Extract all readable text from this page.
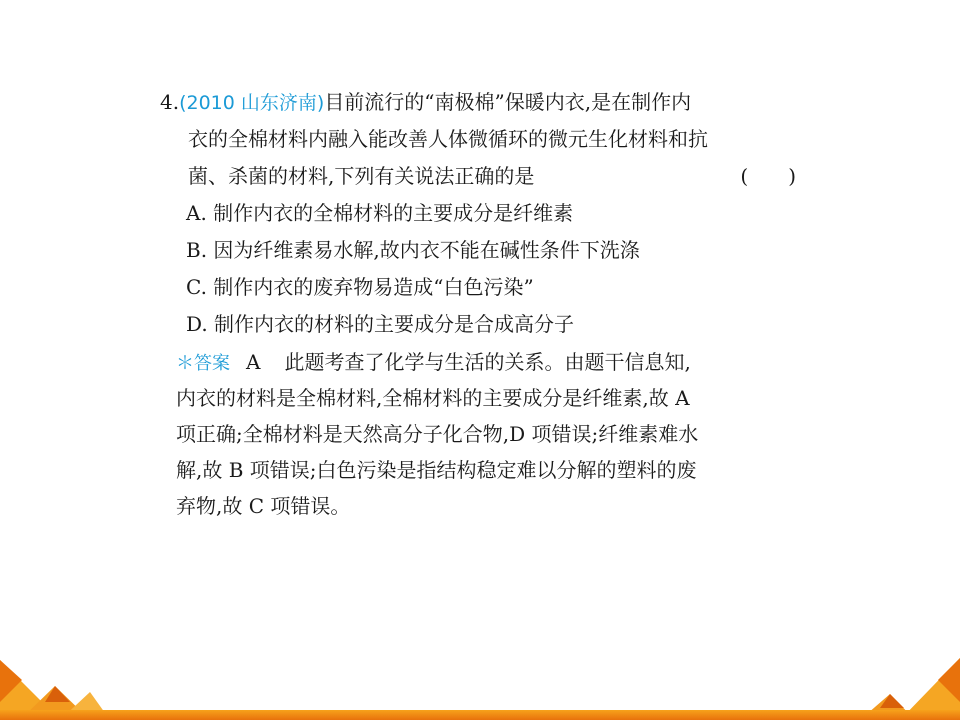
4.(2010 山东济南)目前流行的“南极棉”保暖内衣,是在制作内
衣的全棉材料内融入能改善人体微循环的微元生化材料和抗
菌、杀菌的材料,下列有关说法正确的是	(　　)
A. 制作内衣的全棉材料的主要成分是纤维素
B. 因为纤维素易水解,故内衣不能在碱性条件下洗涤
C. 制作内衣的废弃物易造成“白色污染”
D. 制作内衣的材料的主要成分是合成高分子
＊答案 A 此题考查了化学与生活的关系。由题干信息知,
内衣的材料是全棉材料,全棉材料的主要成分是纤维素,故 A
项正确;全棉材料是天然高分子化合物,D 项错误;纤维素难水
解,故 B 项错误;白色污染是指结构稳定难以分解的塑料的废
弃物,故 C 项错误。
